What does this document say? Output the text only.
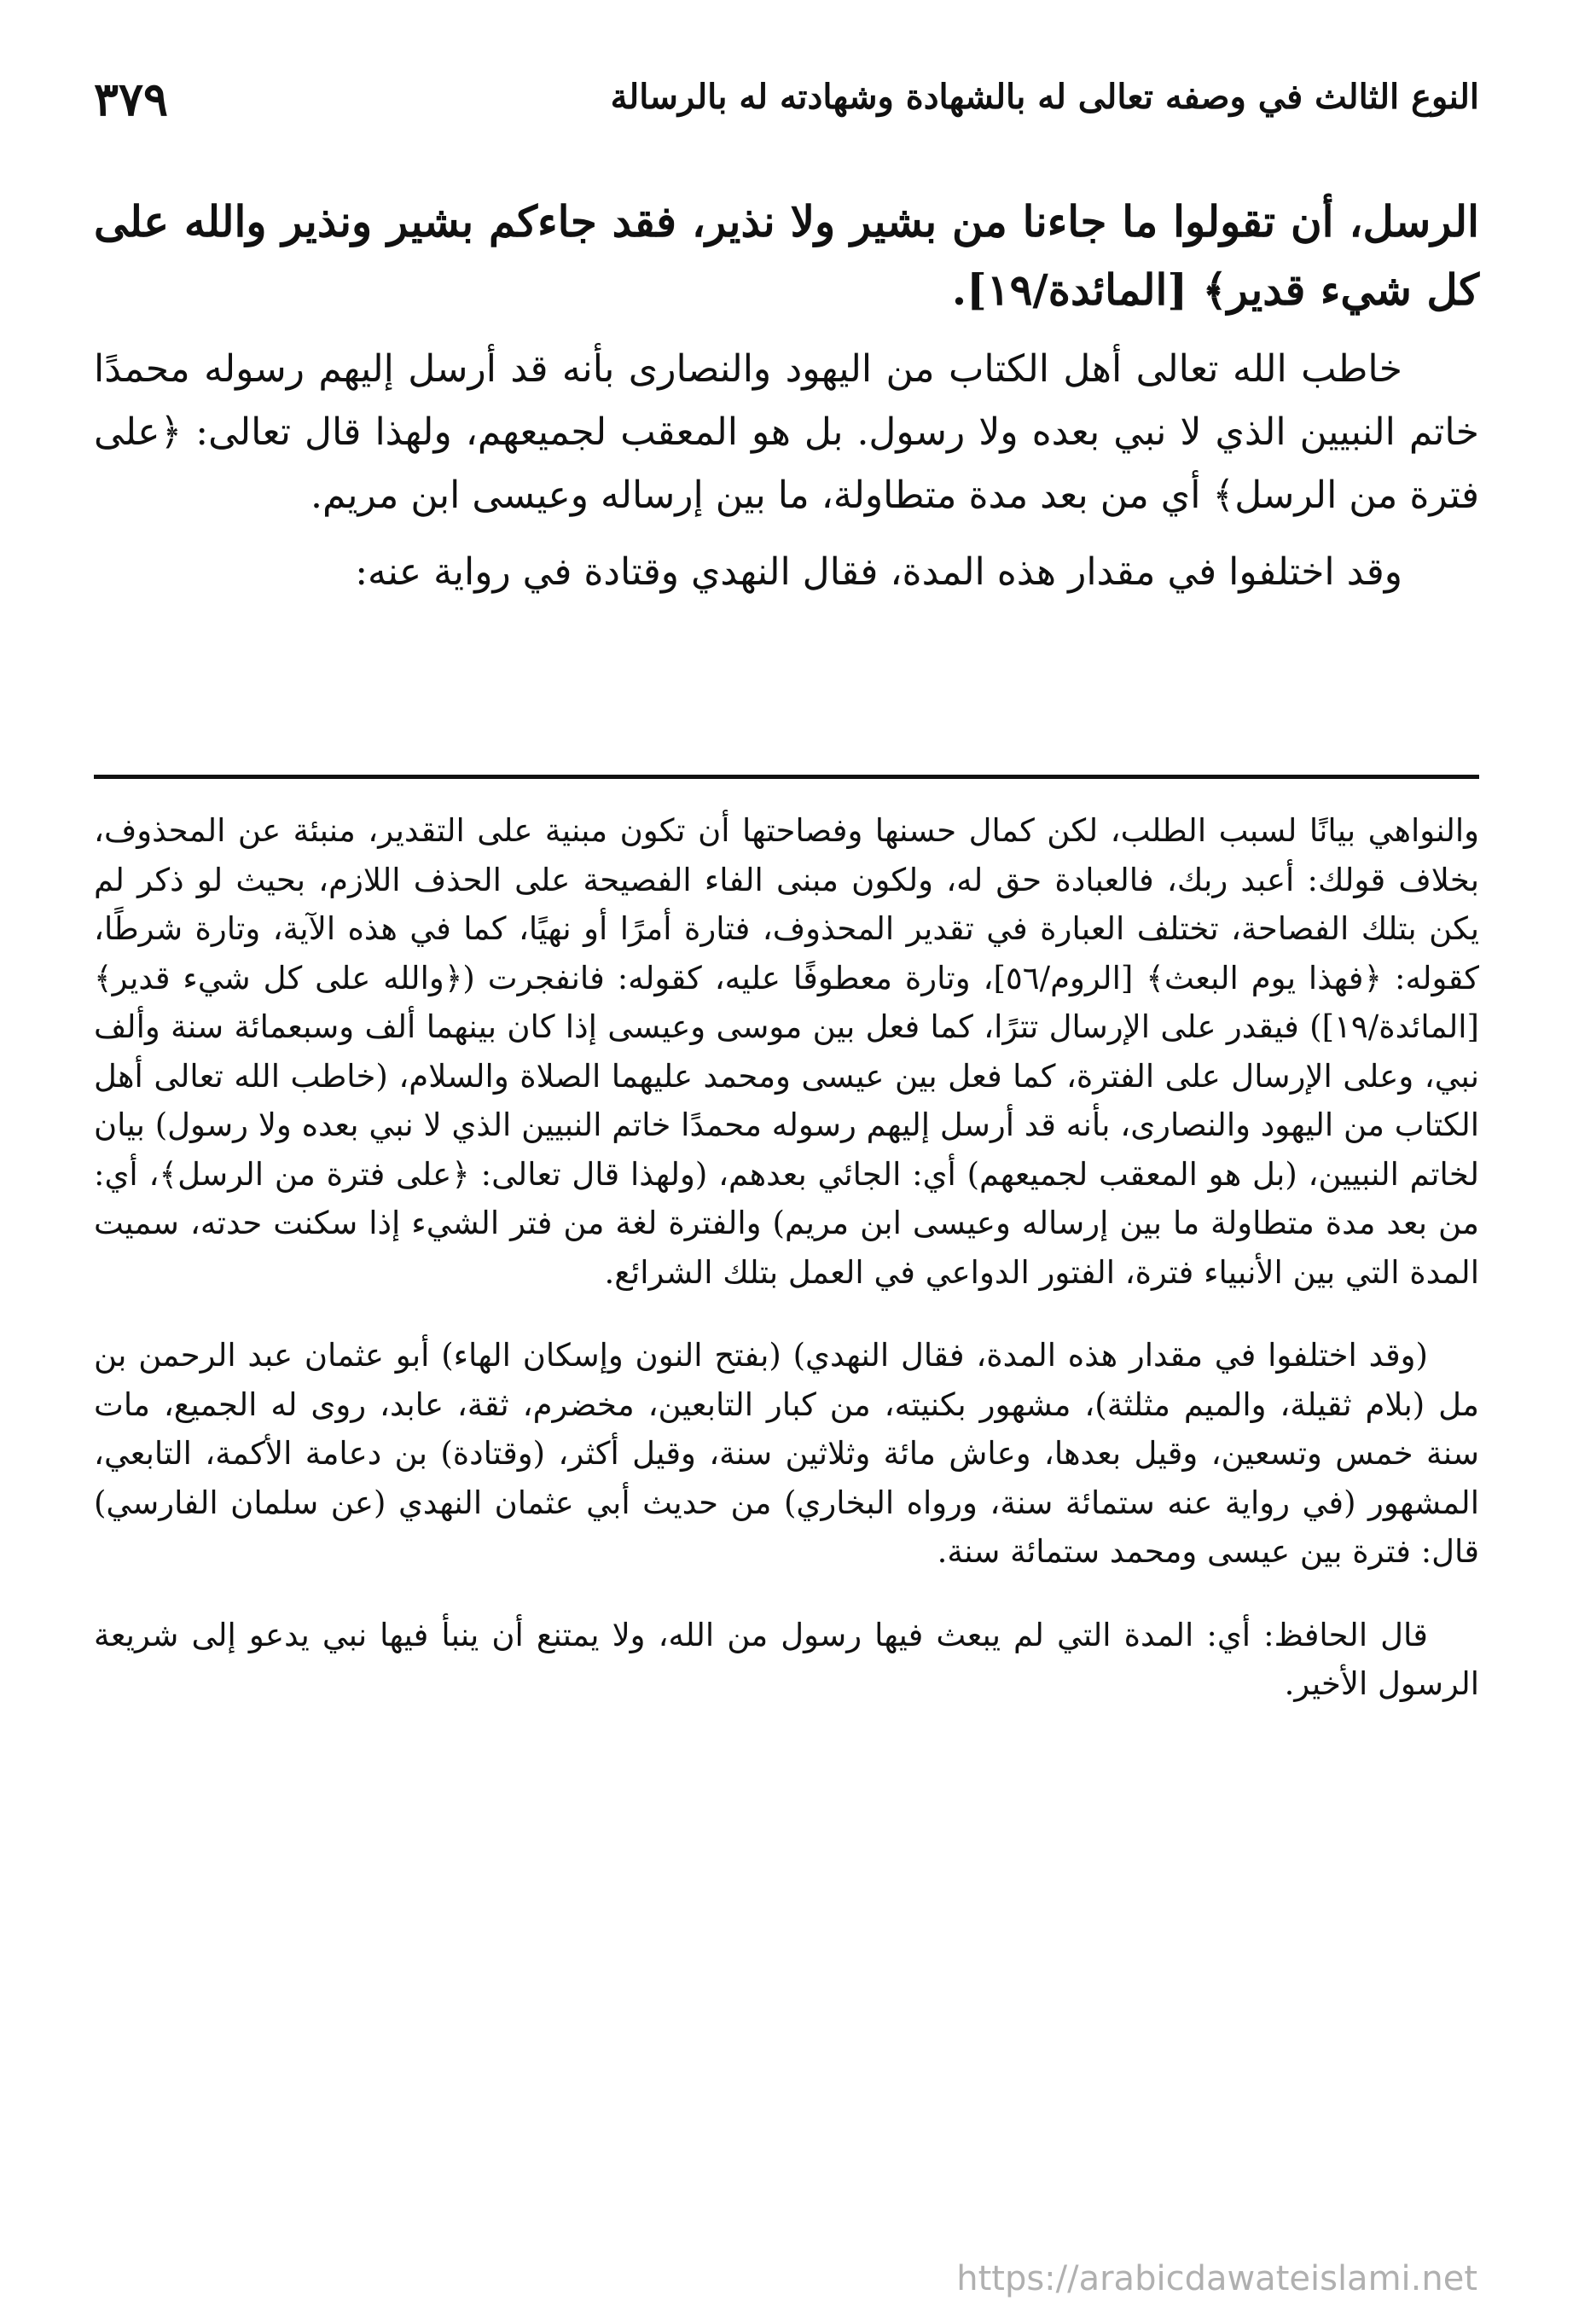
النوع الثالث في وصفه تعالى له بالشهادة وشهادته له بالرسالة
٣٧٩

الرسل، أن تقولوا ما جاءنا من بشير ولا نذير، فقد جاءكم بشير ونذير والله على كل شيء قدير﴾ [المائدة/١٩].

خاطب الله تعالى أهل الكتاب من اليهود والنصارى بأنه قد أرسل إليهم رسوله محمدًا خاتم النبيين الذي لا نبي بعده ولا رسول. بل هو المعقب لجميعهم، ولهذا قال تعالى: ﴿على فترة من الرسل﴾ أي من بعد مدة متطاولة، ما بين إرساله وعيسى ابن مريم.

وقد اختلفوا في مقدار هذه المدة، فقال النهدي وقتادة في رواية عنه:

والنواهي بيانًا لسبب الطلب، لكن كمال حسنها وفصاحتها أن تكون مبنية على التقدير، منبئة عن المحذوف، بخلاف قولك: أعبد ربك، فالعبادة حق له، ولكون مبنى الفاء الفصيحة على الحذف اللازم، بحيث لو ذكر لم يكن بتلك الفصاحة، تختلف العبارة في تقدير المحذوف، فتارة أمرًا أو نهيًا، كما في هذه الآية، وتارة شرطًا، كقوله: ﴿فهذا يوم البعث﴾ [الروم/٥٦]، وتارة معطوفًا عليه، كقوله: فانفجرت (﴿والله على كل شيء قدير﴾ [المائدة/١٩]) فيقدر على الإرسال تترًا، كما فعل بين موسى وعيسى إذا كان بينهما ألف وسبعمائة سنة وألف نبي، وعلى الإرسال على الفترة، كما فعل بين عيسى ومحمد عليهما الصلاة والسلام، (خاطب الله تعالى أهل الكتاب من اليهود والنصارى، بأنه قد أرسل إليهم رسوله محمدًا خاتم النبيين الذي لا نبي بعده ولا رسول) بيان لخاتم النبيين، (بل هو المعقب لجميعهم) أي: الجائي بعدهم، (ولهذا قال تعالى: ﴿على فترة من الرسل﴾، أي: من بعد مدة متطاولة ما بين إرساله وعيسى ابن مريم) والفترة لغة من فتر الشيء إذا سكنت حدته، سميت المدة التي بين الأنبياء فترة، الفتور الدواعي في العمل بتلك الشرائع.

(وقد اختلفوا في مقدار هذه المدة، فقال النهدي) (بفتح النون وإسكان الهاء) أبو عثمان عبد الرحمن بن مل (بلام ثقيلة، والميم مثلثة)، مشهور بكنيته، من كبار التابعين، مخضرم، ثقة، عابد، روى له الجميع، مات سنة خمس وتسعين، وقيل بعدها، وعاش مائة وثلاثين سنة، وقيل أكثر، (وقتادة) بن دعامة الأكمة، التابعي، المشهور (في رواية عنه ستمائة سنة، ورواه البخاري) من حديث أبي عثمان النهدي (عن سلمان الفارسي) قال: فترة بين عيسى ومحمد ستمائة سنة.

قال الحافظ: أي: المدة التي لم يبعث فيها رسول من الله، ولا يمتنع أن ينبأ فيها نبي يدعو إلى شريعة الرسول الأخير.

https://arabicdawateislami.net
